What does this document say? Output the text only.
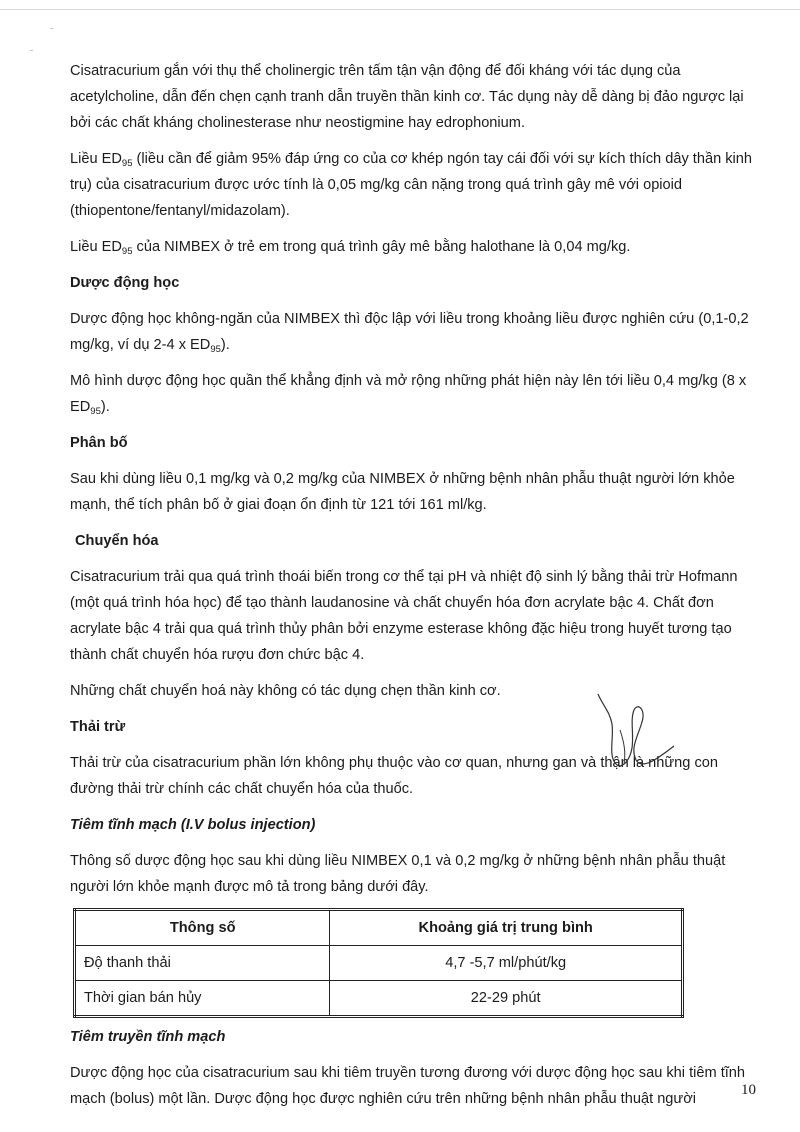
Cisatracurium gắn với thụ thể cholinergic trên tấm tận vận động để đối kháng với tác dụng của acetylcholine, dẫn đến chẹn cạnh tranh dẫn truyền thần kinh cơ. Tác dụng này dễ dàng bị đảo ngược lại bởi các chất kháng cholinesterase như neostigmine hay edrophonium.

Liều $ED_{95}$ (liều cần để giảm 95% đáp ứng co của cơ khép ngón tay cái đối với sự kích thích dây thần kinh trụ) của cisatracurium được ước tính là 0,05 mg/kg cân nặng trong quá trình gây mê với opioid (thiopentone/fentanyl/midazolam).

Liều $ED_{95}$ của NIMBEX ở trẻ em trong quá trình gây mê bằng halothane là 0,04 mg/kg.

Dược động học

Dược động học không-ngăn của NIMBEX thì độc lập với liều trong khoảng liều được nghiên cứu (0,1-0,2 mg/kg, ví dụ 2-4 x $ED_{95}$).

Mô hình dược động học quần thể khẳng định và mở rộng những phát hiện này lên tới liều 0,4 mg/kg (8 x $ED_{95}$).

Phân bố

Sau khi dùng liều 0,1 mg/kg và 0,2 mg/kg của NIMBEX ở những bệnh nhân phẫu thuật người lớn khỏe mạnh, thể tích phân bố ở giai đoạn ổn định từ 121 tới 161 ml/kg.

Chuyển hóa

Cisatracurium trải qua quá trình thoái biến trong cơ thể tại pH và nhiệt độ sinh lý bằng thải trừ Hofmann (một quá trình hóa học) để tạo thành laudanosine và chất chuyển hóa đơn acrylate bậc 4. Chất đơn acrylate bậc 4 trải qua quá trình thủy phân bởi enzyme esterase không đặc hiệu trong huyết tương tạo thành chất chuyển hóa rượu đơn chức bậc 4.

Những chất chuyển hoá này không có tác dụng chẹn thần kinh cơ.

Thải trừ

Thải trừ của cisatracurium phần lớn không phụ thuộc vào cơ quan, nhưng gan và thận là những con đường thải trừ chính các chất chuyển hóa của thuốc.

Tiêm tĩnh mạch (I.V bolus injection)

Thông số dược động học sau khi dùng liều NIMBEX 0,1 và 0,2 mg/kg ở những bệnh nhân phẫu thuật người lớn khỏe mạnh được mô tả trong bảng dưới đây.

Thông số	Khoảng giá trị trung bình
Độ thanh thải	4,7 -5,7 ml/phút/kg
Thời gian bán hủy	22-29 phút

Tiêm truyền tĩnh mạch

Dược động học của cisatracurium sau khi tiêm truyền tương đương với dược động học sau khi tiêm tĩnh mạch (bolus) một lần. Dược động học được nghiên cứu trên những bệnh nhân phẫu thuật người

10
